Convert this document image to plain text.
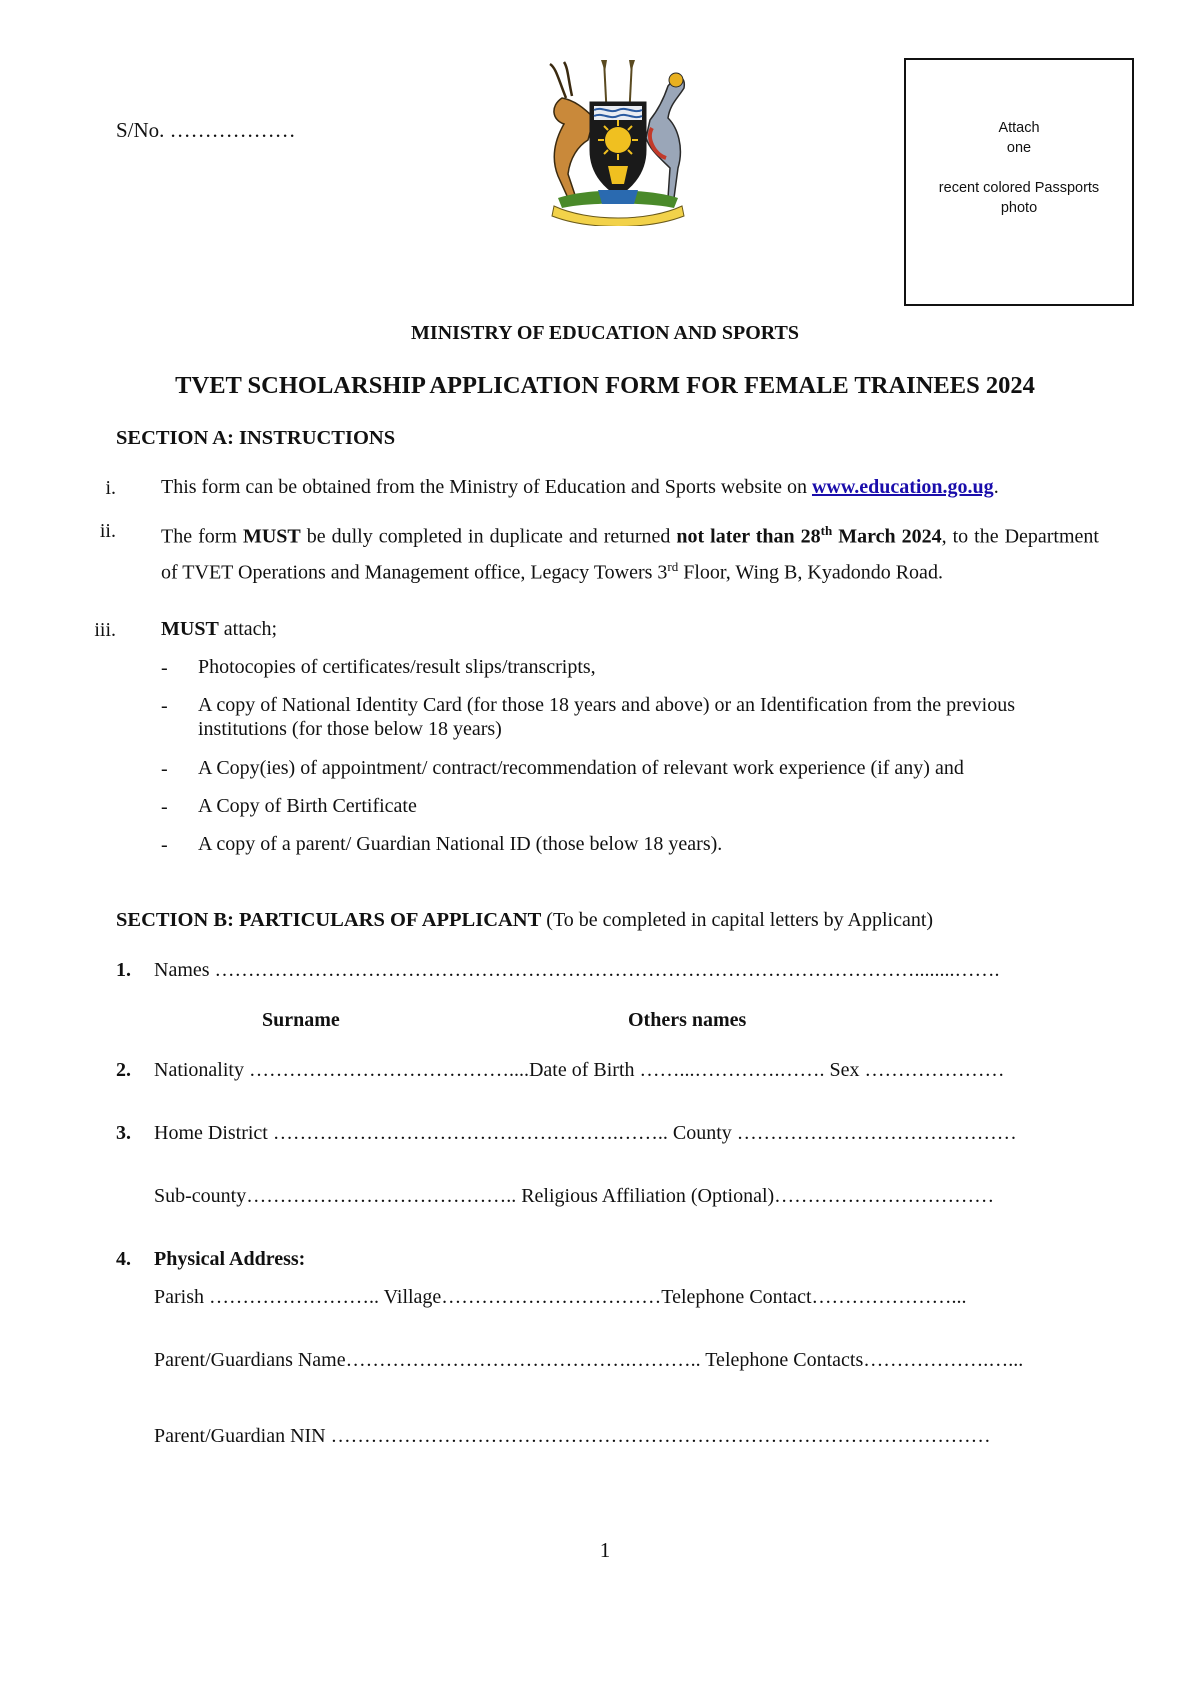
S/No. ………………	Attach
one
recent colored Passports
photo
MINISTRY OF EDUCATION AND SPORTS
TVET SCHOLARSHIP APPLICATION FORM FOR FEMALE TRAINEES 2024
SECTION A: INSTRUCTIONS
i. This form can be obtained from the Ministry of Education and Sports website on www.education.go.ug.
ii. The form MUST be dully completed in duplicate and returned not later than 28th March 2024, to the Department of TVET Operations and Management office, Legacy Towers 3rd Floor, Wing B, Kyadondo Road.
iii. MUST attach;
- Photocopies of certificates/result slips/transcripts,
- A copy of National Identity Card (for those 18 years and above) or an Identification from the previous institutions (for those below 18 years)
- A Copy(ies) of appointment/ contract/recommendation of relevant work experience (if any) and
- A Copy of Birth Certificate
- A copy of a parent/ Guardian National ID (those below 18 years).
SECTION B: PARTICULARS OF APPLICANT (To be completed in capital letters by Applicant)
1. Names ……………………………………………………………………………………………........…….
Surname	Others names
2. Nationality …………………………………....Date of Birth ……...………….……. Sex …………………
3. Home District …………………………………………….…….. County ……………………………………
Sub-county………………………………….. Religious Affiliation (Optional)……………………………
4. Physical Address:
Parish …………………….. Village……………………………Telephone Contact…………………...
Parent/Guardians Name…………………………………….……….. Telephone Contacts……………….…...
Parent/Guardian NIN ………………………………………………………………………………………
1
